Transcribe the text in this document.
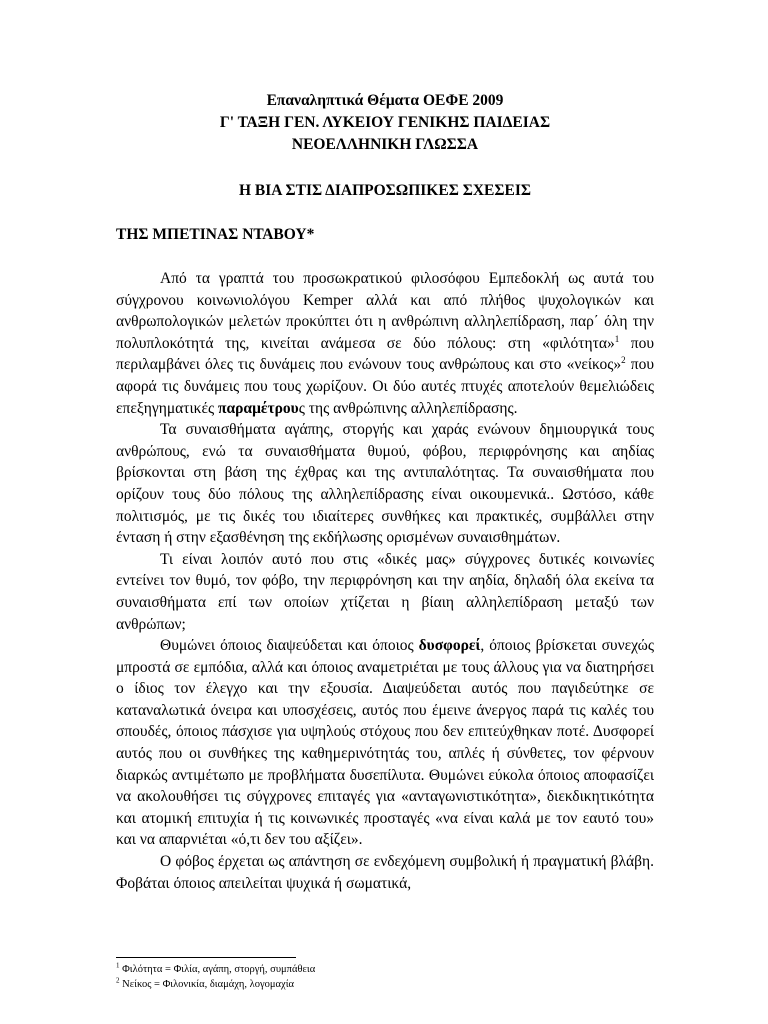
Επαναληπτικά Θέματα ΟΕΦΕ 2009

Γ' ΤΑΞΗ ΓΕΝ. ΛΥΚΕΙΟΥ ΓΕΝΙΚΗΣ ΠΑΙΔΕΙΑΣ

ΝΕΟΕΛΛΗΝΙΚΗ ΓΛΩΣΣΑ

Η ΒΙΑ ΣΤΙΣ ΔΙΑΠΡΟΣΩΠΙΚΕΣ ΣΧΕΣΕΙΣ

ΤΗΣ ΜΠΕΤΙΝΑΣ ΝΤΑΒΟΥ*

Από τα γραπτά του προσωκρατικού φιλοσόφου Εμπεδοκλή ως αυτά του σύγχρονου κοινωνιολόγου Kemper αλλά και από πλήθος ψυχολογικών και ανθρωπολογικών μελετών προκύπτει ότι η ανθρώπινη αλληλεπίδραση, παρ΄ όλη την πολυπλοκότητά της, κινείται ανάμεσα σε δύο πόλους: στη «φιλότητα»$^1$ που περιλαμβάνει όλες τις δυνάμεις που ενώνουν τους ανθρώπους και στο «νείκος»$^2$ που αφορά τις δυνάμεις που τους χωρίζουν. Οι δύο αυτές πτυχές αποτελούν θεμελιώδεις επεξηγηματικές παραμέτρους της ανθρώπινης αλληλεπίδρασης.

Τα συναισθήματα αγάπης, στοργής και χαράς ενώνουν δημιουργικά τους ανθρώπους, ενώ τα συναισθήματα θυμού, φόβου, περιφρόνησης και αηδίας βρίσκονται στη βάση της έχθρας και της αντιπαλότητας. Τα συναισθήματα που ορίζουν τους δύο πόλους της αλληλεπίδρασης είναι οικουμενικά.. Ωστόσο, κάθε πολιτισμός, με τις δικές του ιδιαίτερες συνθήκες και πρακτικές, συμβάλλει στην ένταση ή στην εξασθένηση της εκδήλωσης ορισμένων συναισθημάτων.

Τι είναι λοιπόν αυτό που στις «δικές μας» σύγχρονες δυτικές κοινωνίες εντείνει τον θυμό, τον φόβο, την περιφρόνηση και την αηδία, δηλαδή όλα εκείνα τα συναισθήματα επί των οποίων χτίζεται η βίαιη αλληλεπίδραση μεταξύ των ανθρώπων;

Θυμώνει όποιος διαψεύδεται και όποιος δυσφορεί, όποιος βρίσκεται συνεχώς μπροστά σε εμπόδια, αλλά και όποιος αναμετριέται με τους άλλους για να διατηρήσει ο ίδιος τον έλεγχο και την εξουσία. Διαψεύδεται αυτός που παγιδεύτηκε σε καταναλωτικά όνειρα και υποσχέσεις, αυτός που έμεινε άνεργος παρά τις καλές του σπουδές, όποιος πάσχισε για υψηλούς στόχους που δεν επιτεύχθηκαν ποτέ. Δυσφορεί αυτός που οι συνθήκες της καθημερινότητάς του, απλές ή σύνθετες, τον φέρνουν διαρκώς αντιμέτωπο με προβλήματα δυσεπίλυτα. Θυμώνει εύκολα όποιος αποφασίζει να ακολουθήσει τις σύγχρονες επιταγές για «ανταγωνιστικότητα», διεκδικητικότητα και ατομική επιτυχία ή τις κοινωνικές προσταγές «να είναι καλά με τον εαυτό του» και να απαρνιέται «ό,τι δεν του αξίζει».

Ο φόβος έρχεται ως απάντηση σε ενδεχόμενη συμβολική ή πραγματική βλάβη. Φοβάται όποιος απειλείται ψυχικά ή σωματικά,

$^1$ Φιλότητα = Φιλία, αγάπη, στοργή, συμπάθεια

$^2$ Νείκος = Φιλονικία, διαμάχη, λογομαχία
